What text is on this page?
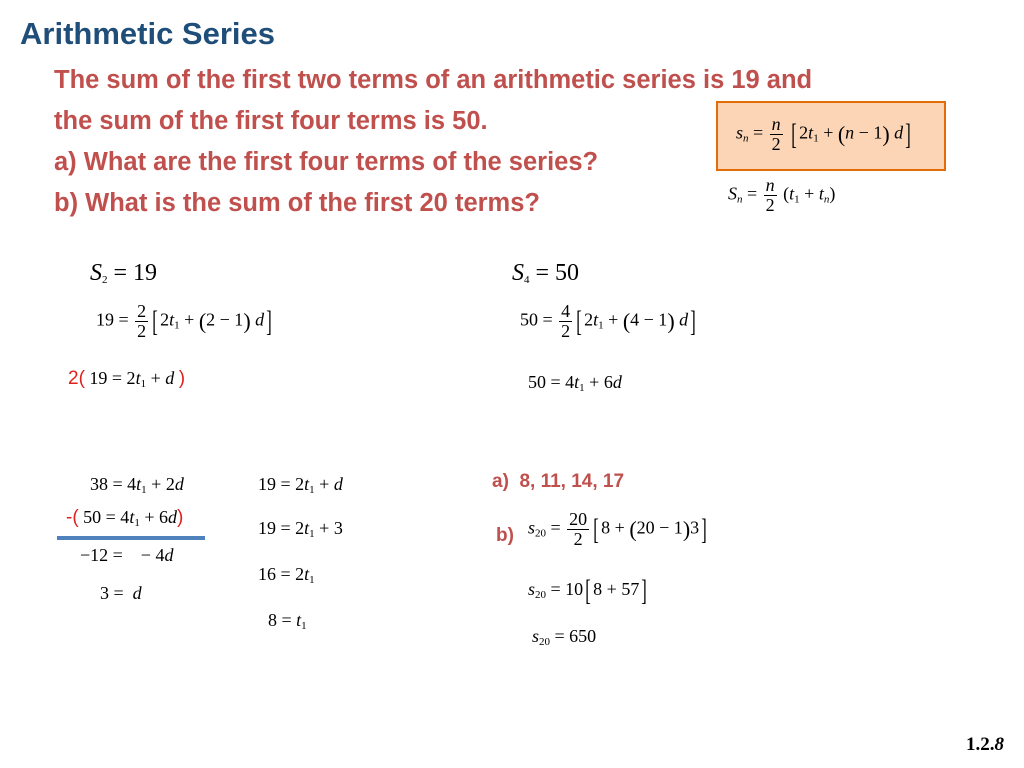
Arithmetic Series
The sum of the first two terms of an arithmetic series is 19 and
the sum of the first four terms is 50.
a) What are the first four terms of the series?
b) What is the sum of the first 20 terms?
$s_n = \frac{n}{2}$ [ $2t_1 + (n - 1)$ d]
$S_n = \frac{n}{2} (t_1 + t_n)$
$S_2 = 19$
$19 = \frac{2}{2}$ [ $2t_1 + (2 - 1)$ d]
2( $19 = 2t_1 + d$ )
$S_4 = 50$
$50 = \frac{4}{2}$ [ $2t_1 + (4 - 1)$ d]
$50 = 4t_1 + 6d$
$38 = 4t_1 + 2d$
-( $50 = 4t_1 + 6d$)
−12 =    − 4d
3 =  d
$19 = 2t_1 + d$
$19 = 2t_1 + 3$
$16 = 2t_1$
$8 = t_1$
a) 8, 11, 14, 17
b) $s_{20} = \frac{20}{2}$ [ 8 + (20 − 1)3]
$s_{20} = 10$[ 8 + 57]
$s_{20} = 650$
1.2.8
